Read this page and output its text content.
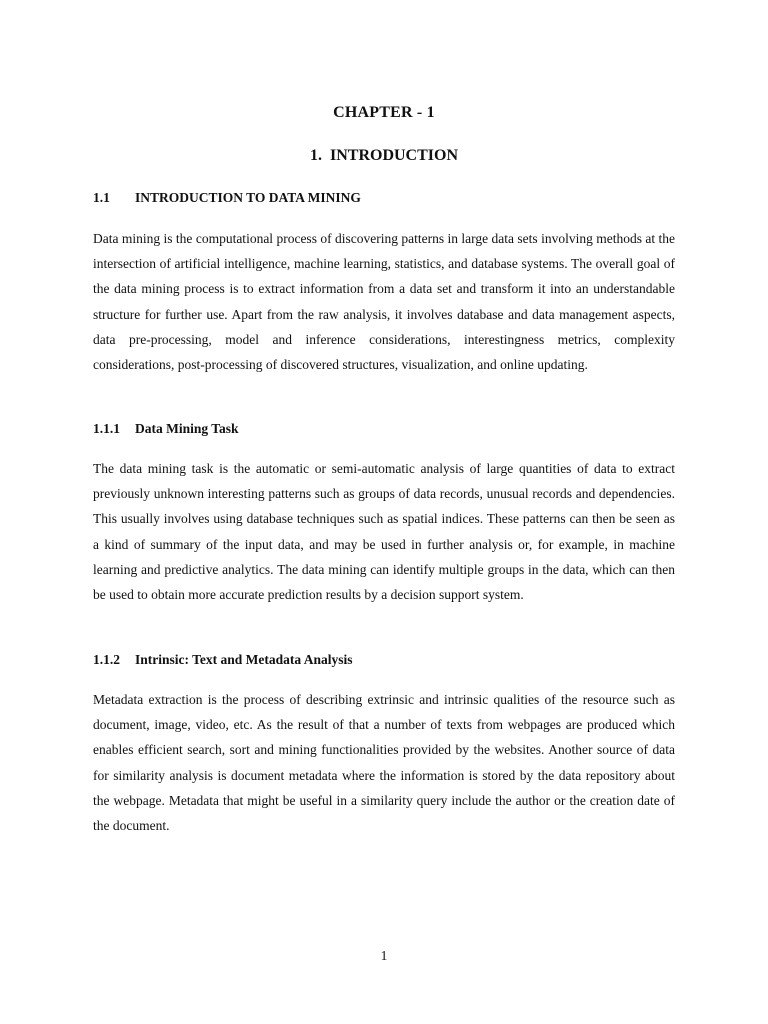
CHAPTER - 1
1. INTRODUCTION
1.1 INTRODUCTION TO DATA MINING

Data mining is the computational process of discovering patterns in large data sets involving methods at the intersection of artificial intelligence, machine learning, statistics, and database systems. The overall goal of the data mining process is to extract information from a data set and transform it into an understandable structure for further use. Apart from the raw analysis, it involves database and data management aspects, data pre-processing, model and inference considerations, interestingness metrics, complexity considerations, post-processing of discovered structures, visualization, and online updating.

1.1.1 Data Mining Task

The data mining task is the automatic or semi-automatic analysis of large quantities of data to extract previously unknown interesting patterns such as groups of data records, unusual records and dependencies. This usually involves using database techniques such as spatial indices. These patterns can then be seen as a kind of summary of the input data, and may be used in further analysis or, for example, in machine learning and predictive analytics. The data mining can identify multiple groups in the data, which can then be used to obtain more accurate prediction results by a decision support system.

1.1.2 Intrinsic: Text and Metadata Analysis

Metadata extraction is the process of describing extrinsic and intrinsic qualities of the resource such as document, image, video, etc. As the result of that a number of texts from webpages are produced which enables efficient search, sort and mining functionalities provided by the websites. Another source of data for similarity analysis is document metadata where the information is stored by the data repository about the webpage. Metadata that might be useful in a similarity query include the author or the creation date of the document.

1
